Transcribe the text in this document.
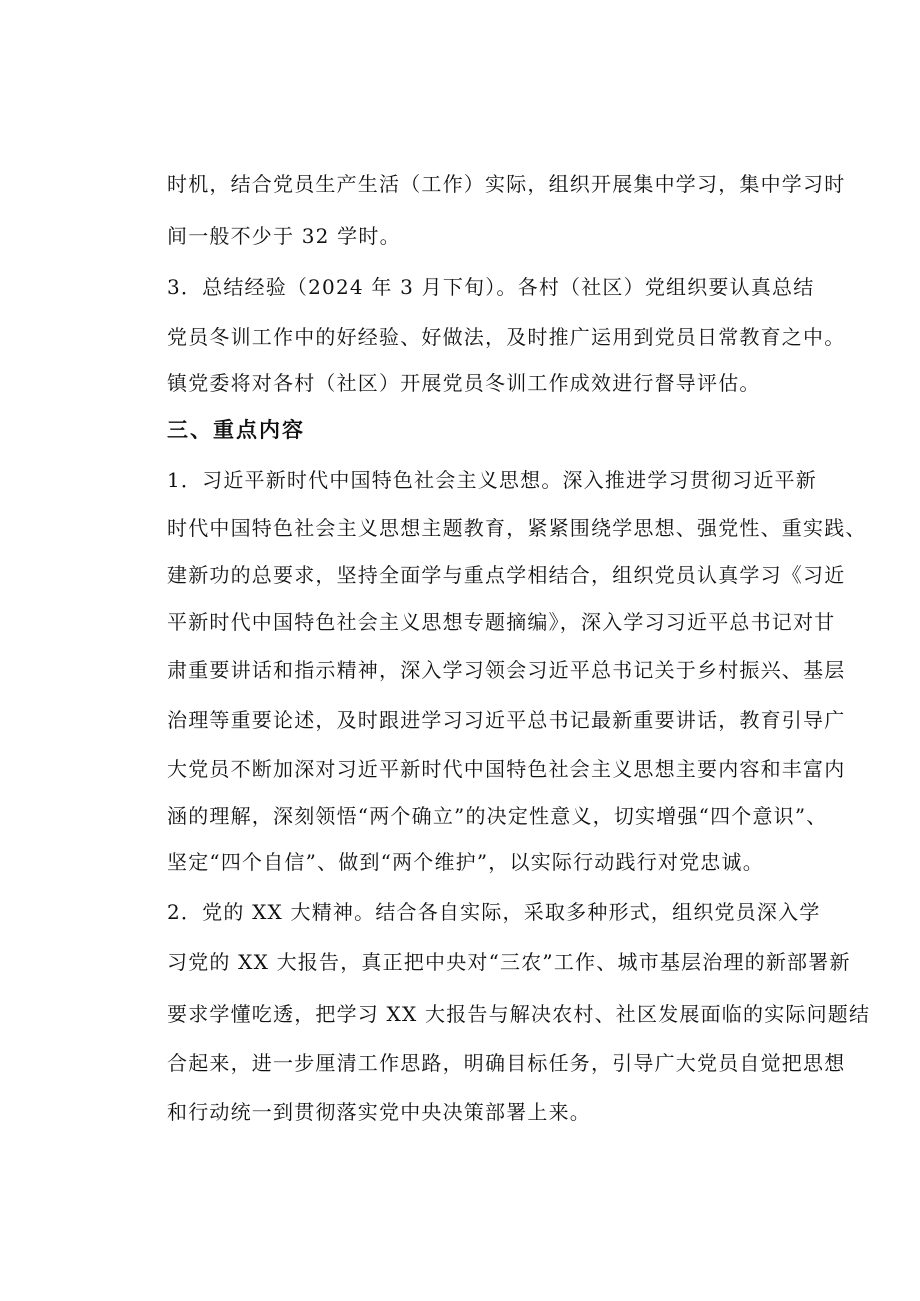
时机，结合党员生产生活（工作）实际，组织开展集中学习，集中学习时
间一般不少于 32 学时。
3．总结经验（2024 年 3 月下旬）。各村（社区）党组织要认真总结
党员冬训工作中的好经验、好做法，及时推广运用到党员日常教育之中。
镇党委将对各村（社区）开展党员冬训工作成效进行督导评估。
三、重点内容
1．习近平新时代中国特色社会主义思想。深入推进学习贯彻习近平新
时代中国特色社会主义思想主题教育，紧紧围绕学思想、强党性、重实践、
建新功的总要求，坚持全面学与重点学相结合，组织党员认真学习《习近
平新时代中国特色社会主义思想专题摘编》，深入学习习近平总书记对甘
肃重要讲话和指示精神，深入学习领会习近平总书记关于乡村振兴、基层
治理等重要论述，及时跟进学习习近平总书记最新重要讲话，教育引导广
大党员不断加深对习近平新时代中国特色社会主义思想主要内容和丰富内
涵的理解，深刻领悟“两个确立”的决定性意义，切实增强“四个意识”、
坚定“四个自信”、做到“两个维护”，以实际行动践行对党忠诚。
2．党的 XX 大精神。结合各自实际，采取多种形式，组织党员深入学
习党的 XX 大报告，真正把中央对“三农”工作、城市基层治理的新部署新
要求学懂吃透，把学习 XX 大报告与解决农村、社区发展面临的实际问题结
合起来，进一步厘清工作思路，明确目标任务，引导广大党员自觉把思想
和行动统一到贯彻落实党中央决策部署上来。
